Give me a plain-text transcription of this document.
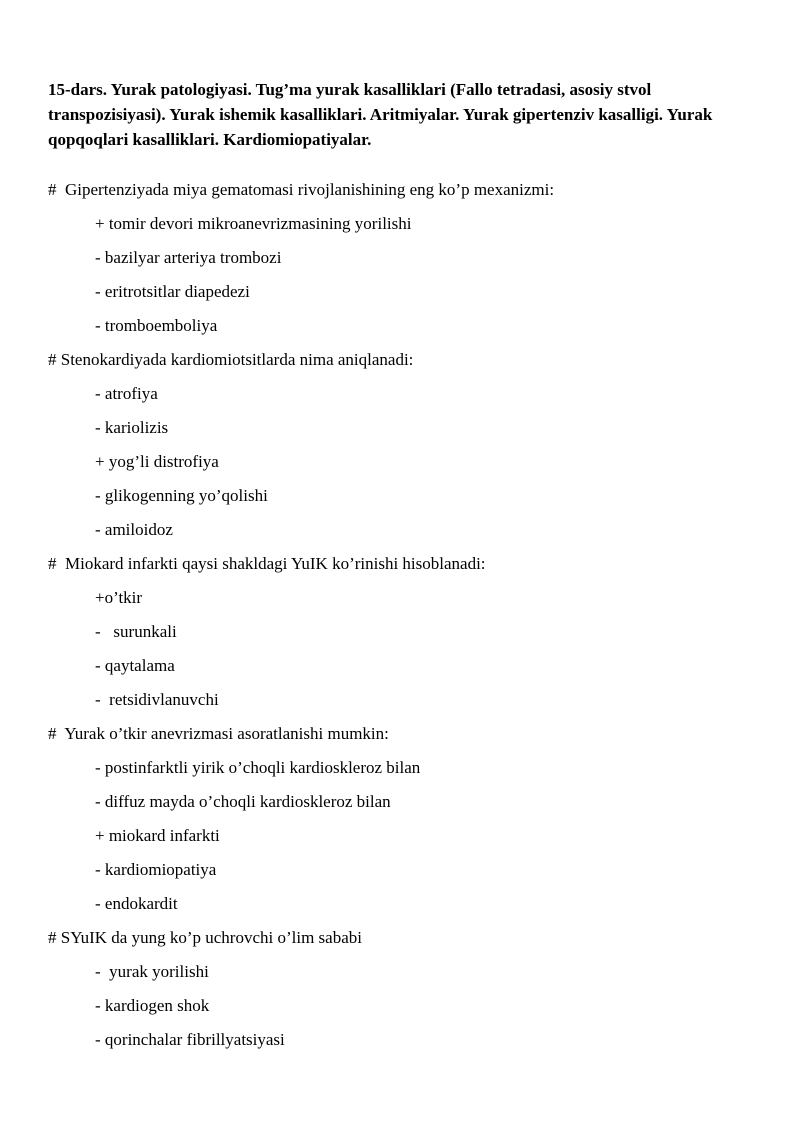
15-dars. Yurak patologiyasi. Tug’ma yurak kasalliklari (Fallo tetradasi, asosiy stvol transpozisiyasi). Yurak ishemik kasalliklari. Aritmiyalar. Yurak gipertenziv kasalligi. Yurak qopqoqlari kasalliklari. Kardiomiopatiyalar.

#  Gipertenziyada miya gematomasi rivojlanishining eng ko’p mexanizmi:
+ tomir devori mikroanevrizmasining yorilishi
- bazilyar arteriya trombozi
- eritrotsitlar diapedezi
- tromboemboliya
# Stenokardiyada kardiomiotsitlarda nima aniqlanadi:
- atrofiya
- kariolizis
+ yog’li distrofiya
- glikogenning yo’qolishi
- amiloidoz
#  Miokard infarkti qaysi shakldagi YuIK ko’rinishi hisoblanadi:
+o’tkir
-   surunkali
- qaytalama
-  retsidivlanuvchi
#  Yurak o’tkir anevrizmasi asoratlanishi mumkin:
- postinfarktli yirik o’choqli kardioskleroz bilan
- diffuz mayda o’choqli kardioskleroz bilan
+ miokard infarkti
- kardiomiopatiya
- endokardit
# SYuIK da yung ko’p uchrovchi o’lim sababi
-  yurak yorilishi
- kardiogen shok
- qorinchalar fibrillyatsiyasi
